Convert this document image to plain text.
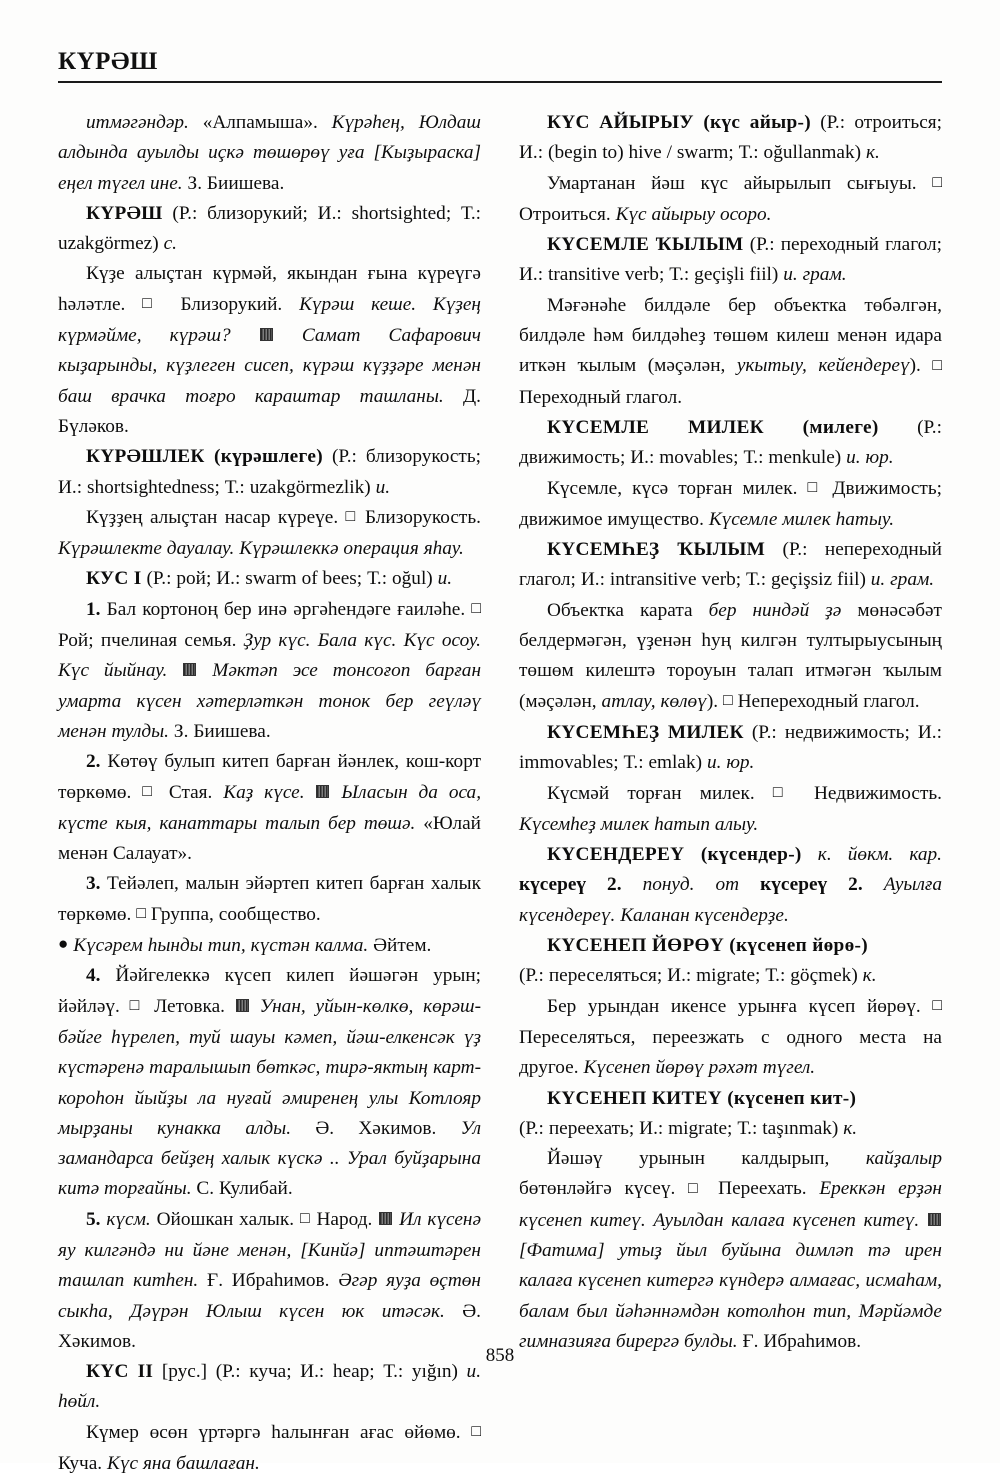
КҮРӘШ

итмәгәндәр. «Алпамыша». Күрәһең, Юлдаш алдында ауылды иçкә төшөрөү уға [Кыҙыраска] еңел түгел ине. З. Биишева.

КҮРӘШ (Р.: близорукий; И.: shortsighted; Т.: uzakgörmez) с.

Күҙе алыçтан күрмәй, якындан ғына күреүгә һәләтле. □ Близорукий. Күрәш кеше. Күҙең күрмәйме, күрәш?	Самат Сафарович кыҙарынды, күҙлеген сисеп, күрәш күҙҙәре менән баш врачка тоғро караштар ташланы. Д. Бүләков.

КҮРӘШЛЕК (күрәшлеге) (Р.: близорукость; И.: shortsightedness; Т.: uzakgörmezlik) и.

Күҙҙең алыçтан насар күреүе. □ Близорукость. Күрәшлекте дауалау. Күрәшлеккә операция яһау.

КУС I (Р.: рой; И.: swarm of bees; Т.: oğul) и.

1. Бал кортоноң бер инә әргәһендәге ғаиләһе. □ Рой; пчелиная семья. Ҙур күс. Бала күс. Күс осоу. Күс йыйнау. Мәктәп эсе тонсоғоп барған умарта күсен хәтерләткән тонок бер геүләү менән тулды. З. Биишева.

2. Көтөү булып китеп барған йәнлек, кош-корт төркөмө. □ Стая. Каҙ күсе. Ыласын да оса, күсте кыя, канаттары талып бер төшә. «Юлай менән Салауат».

3. Тейәлеп, малын эйәртеп китеп барған халык төркөмө. □ Группа, сообщество.

● Күсәрем һынды тип, күстән калма. Әйтем.

4. Йәйгелеккә күсеп килеп йәшәгән урын; йәйләү. □ Летовка.  Унан, уйын-көлкө, көрәш-бәйге һүрелеп, туй шауы кәмеп, йәш-елкенсәк үҙ күстәренә таралышып бөткәс, тирә-яктың карт-короһон йыйҙы ла нуғай әмиренең улы Котлояр мырҙаны кунакка алды. Ә. Хәкимов. Ул замандарса бейҙең халык күскә .. Урал буйҙарына китә торғайны. С. Кулибай.

5. күсм. Ойошкан халык. □ Народ.  Ил күсенә яу килгәндә ни йәне менән, [Кинйә] иптәштәрен ташлап китһен. Ғ. Ибраһимов. Әгәр яуҙа өçтөн сыкһа, Дәүрән Юлыш күсен юк итәсәк. Ә. Хәкимов.

КҮС II [рус.] (Р.: куча; И.: heap; Т.: yığın) и. һөйл.

Күмер өсөн үртәргә һалынған ағас өйөмө. □ Куча. Күс яна башлаған.

КҮС АЙЫРЫУ (күс айыр-) (Р.: отроиться; И.: (begin to) hive / swarm; Т.: oğullanmak) к.

Умартанан йәш күс айырылып сығыуы. □ Отроиться. Күс айырыу осоро.

КҮСЕМЛЕ ҠЫЛЫМ (Р.: переходный глагол; И.: transitive verb; Т.: geçişli fiil) и. грам.

Мәғәнәһе билдәле бер объектка төбәлгән, билдәле һәм билдәһеҙ төшөм килеш менән идара иткән ҡылым (мәçәлән, укытыу, кейендереү). □ Переходный глагол.

КҮСЕМЛЕ МИЛЕК (милеге) (Р.: движимость; И.: movables; Т.: menkule) и. юр.

Күсемле, күсә торған милек. □ Движимость; движимое имущество. Күсемле милек һатыу.

КҮСЕМҺЕҘ ҠЫЛЫМ (Р.: непереходный глагол; И.: intransitive verb; Т.: geçişsiz fiil) и. грам.

Объектка карата бер ниндәй ҙә мөнәсәбәт белдермәгән, үҙенән һуң килгән тултырыусының төшөм килештә тороуын талап итмәгән ҡылым (мәçәлән, атлау, көлөү). □ Непереходный глагол.

КҮСЕМҺЕҘ МИЛЕК (Р.: недвижимость; И.: immovables; Т.: emlak) и. юр.

Күсмәй торған милек. □ Недвижимость. Күсемһеҙ милек һатып алыу.

КҮСЕНДЕРЕҮ (күсендер-) к. йөкм. кар. күсереү 2. понуд. от күсереү 2. Ауылға күсендереү. Каланан күсендерҙе.

КҮСЕНЕП ЙӨРӨҮ (күсенеп йөрө-)
(Р.: переселяться; И.: migrate; Т.: göçmek) к.

Бер урындан икенсе урынға күсеп йөрөү. □ Переселяться, переезжать с одного места на другое. Күсенеп йөрөү рәхәт түгел.

КҮСЕНЕП КИТЕҮ (күсенеп кит-)
(Р.: переехать; И.: migrate; Т.: taşınmak) к.

Йәшәү урынын калдырып, кайҙалыр бөтөнләйгә күсеү. □ Переехать. Ереккән ерҙән күсенеп китеү. Ауылдан калаға күсенеп китеү.  [Фатима] утыҙ йыл буйына димләп тә ирен калаға күсенеп китергә күндерә алмағас, исмаһам, балам был йәһәннәмдән котолһон тип, Мәрйәмде гимназияға бирергә булды. Ғ. Ибраһимов.

858
